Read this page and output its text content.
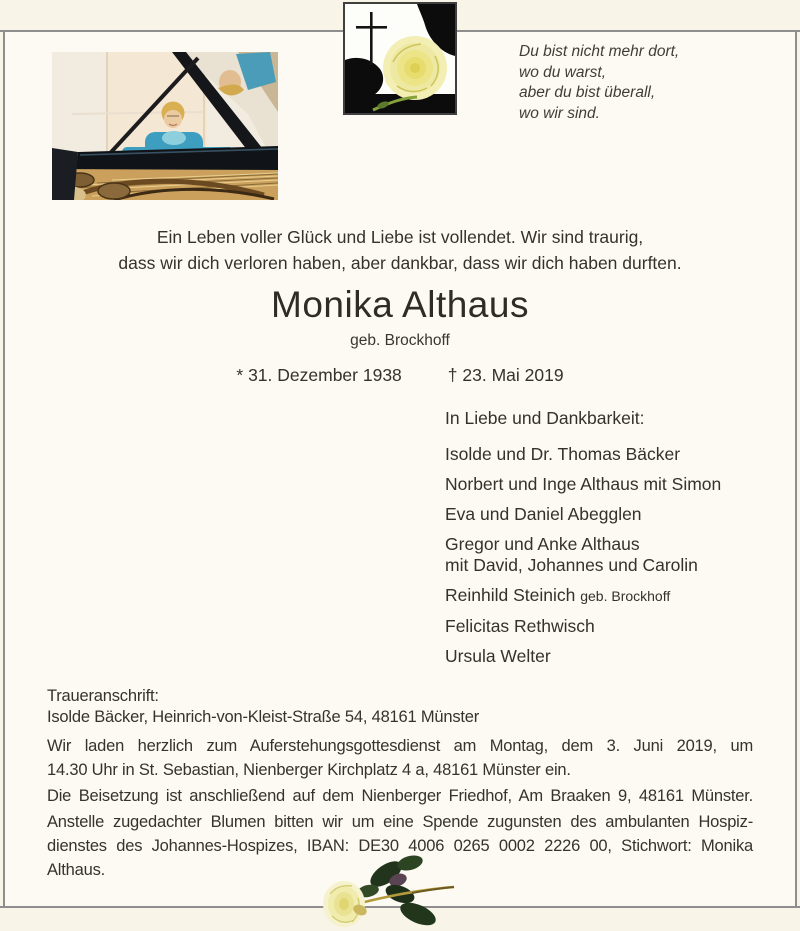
Du bist nicht mehr dort,
wo du warst,
aber du bist überall,
wo wir sind.
Ein Leben voller Glück und Liebe ist vollendet. Wir sind traurig,
dass wir dich verloren haben, aber dankbar, dass wir dich haben durften.
Monika Althaus
geb. Brockhoff
* 31. Dezember 1938	† 23. Mai 2019
In Liebe und Dankbarkeit:
Isolde und Dr. Thomas Bäcker
Norbert und Inge Althaus mit Simon
Eva und Daniel Abegglen
Gregor und Anke Althaus
mit David, Johannes und Carolin
Reinhild Steinich geb. Brockhoff
Felicitas Rethwisch
Ursula Welter
Traueranschrift:
Isolde Bäcker, Heinrich-von-Kleist-Straße 54, 48161 Münster
Wir laden herzlich zum Auferstehungsgottesdienst am Montag, dem 3. Juni 2019, um
14.30 Uhr in St. Sebastian, Nienberger Kirchplatz 4 a, 48161 Münster ein.
Die Beisetzung ist anschließend auf dem Nienberger Friedhof, Am Braaken 9, 48161 Münster.
Anstelle zugedachter Blumen bitten wir um eine Spende zugunsten des ambulanten Hospiz-
dienstes des Johannes-Hospizes, IBAN: DE30 4006 0265 0002 2226 00, Stichwort: Monika
Althaus.
